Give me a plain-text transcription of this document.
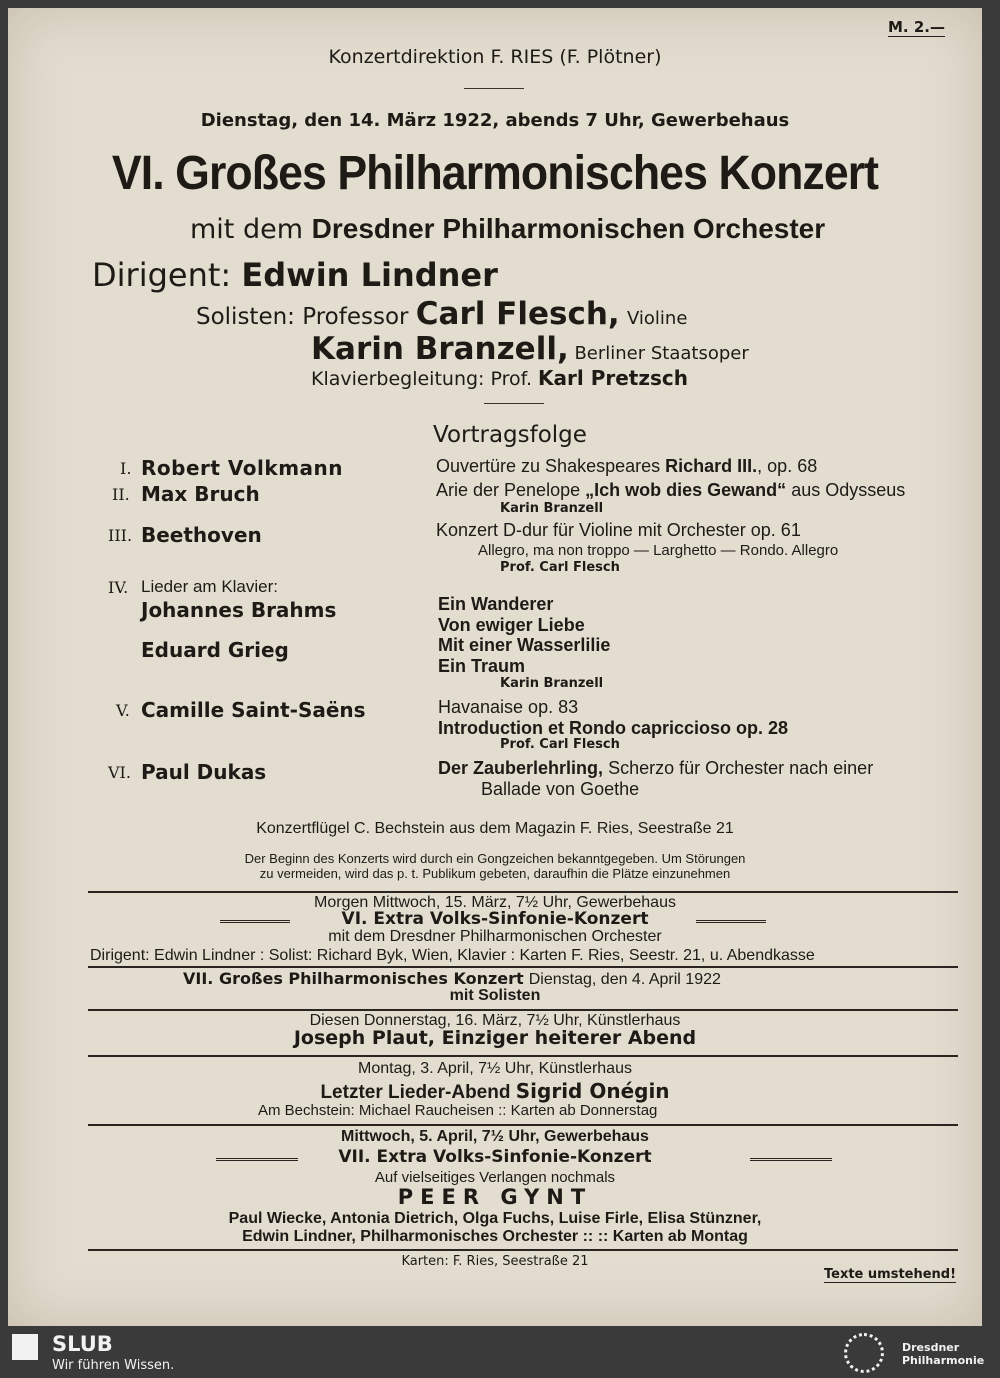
M. 2.—
Konzertdirektion F. RIES (F. Plötner)
Dienstag, den 14. März 1922, abends 7 Uhr, Gewerbehaus
VI. Großes Philharmonisches Konzert
mit dem Dresdner Philharmonischen Orchester
Dirigent: Edwin Lindner
Solisten: Professor Carl Flesch, Violine
Karin Branzell, Berliner Staatsoper
Klavierbegleitung: Prof. Karl Pretzsch
Vortragsfolge
I. Robert Volkmann	Ouvertüre zu Shakespeares Richard III., op. 68
II. Max Bruch	Arie der Penelope „Ich wob dies Gewand“ aus Odysseus
Karin Branzell
III. Beethoven	Konzert D-dur für Violine mit Orchester op. 61
Allegro, ma non troppo — Larghetto — Rondo. Allegro
Prof. Carl Flesch
IV. Lieder am Klavier:
Johannes Brahms	Ein Wanderer
Von ewiger Liebe
Eduard Grieg	Mit einer Wasserlilie
Ein Traum
Karin Branzell
V. Camille Saint-Saëns	Havanaise op. 83
Introduction et Rondo capriccioso op. 28
Prof. Carl Flesch
VI. Paul Dukas	Der Zauberlehrling, Scherzo für Orchester nach einer
Ballade von Goethe
Konzertflügel C. Bechstein aus dem Magazin F. Ries, Seestraße 21
Der Beginn des Konzerts wird durch ein Gongzeichen bekanntgegeben. Um Störungen
zu vermeiden, wird das p. t. Publikum gebeten, daraufhin die Plätze einzunehmen
Morgen Mittwoch, 15. März, 7½ Uhr, Gewerbehaus
VI. Extra Volks-Sinfonie-Konzert
mit dem Dresdner Philharmonischen Orchester
Dirigent: Edwin Lindner : Solist: Richard Byk, Wien, Klavier : Karten F. Ries, Seestr. 21, u. Abendkasse
VII. Großes Philharmonisches Konzert Dienstag, den 4. April 1922
mit Solisten
Diesen Donnerstag, 16. März, 7½ Uhr, Künstlerhaus
Joseph Plaut, Einziger heiterer Abend
Montag, 3. April, 7½ Uhr, Künstlerhaus
Letzter Lieder-Abend Sigrid Onégin
Am Bechstein: Michael Raucheisen :: Karten ab Donnerstag
Mittwoch, 5. April, 7½ Uhr, Gewerbehaus
VII. Extra Volks-Sinfonie-Konzert
Auf vielseitiges Verlangen nochmals
PEER GYNT
Paul Wiecke, Antonia Dietrich, Olga Fuchs, Luise Firle, Elisa Stünzner,
Edwin Lindner, Philharmonisches Orchester :: :: Karten ab Montag
Karten: F. Ries, Seestraße 21
Texte umstehend!
SLUB
Wir führen Wissen.
Dresdner
Philharmonie
